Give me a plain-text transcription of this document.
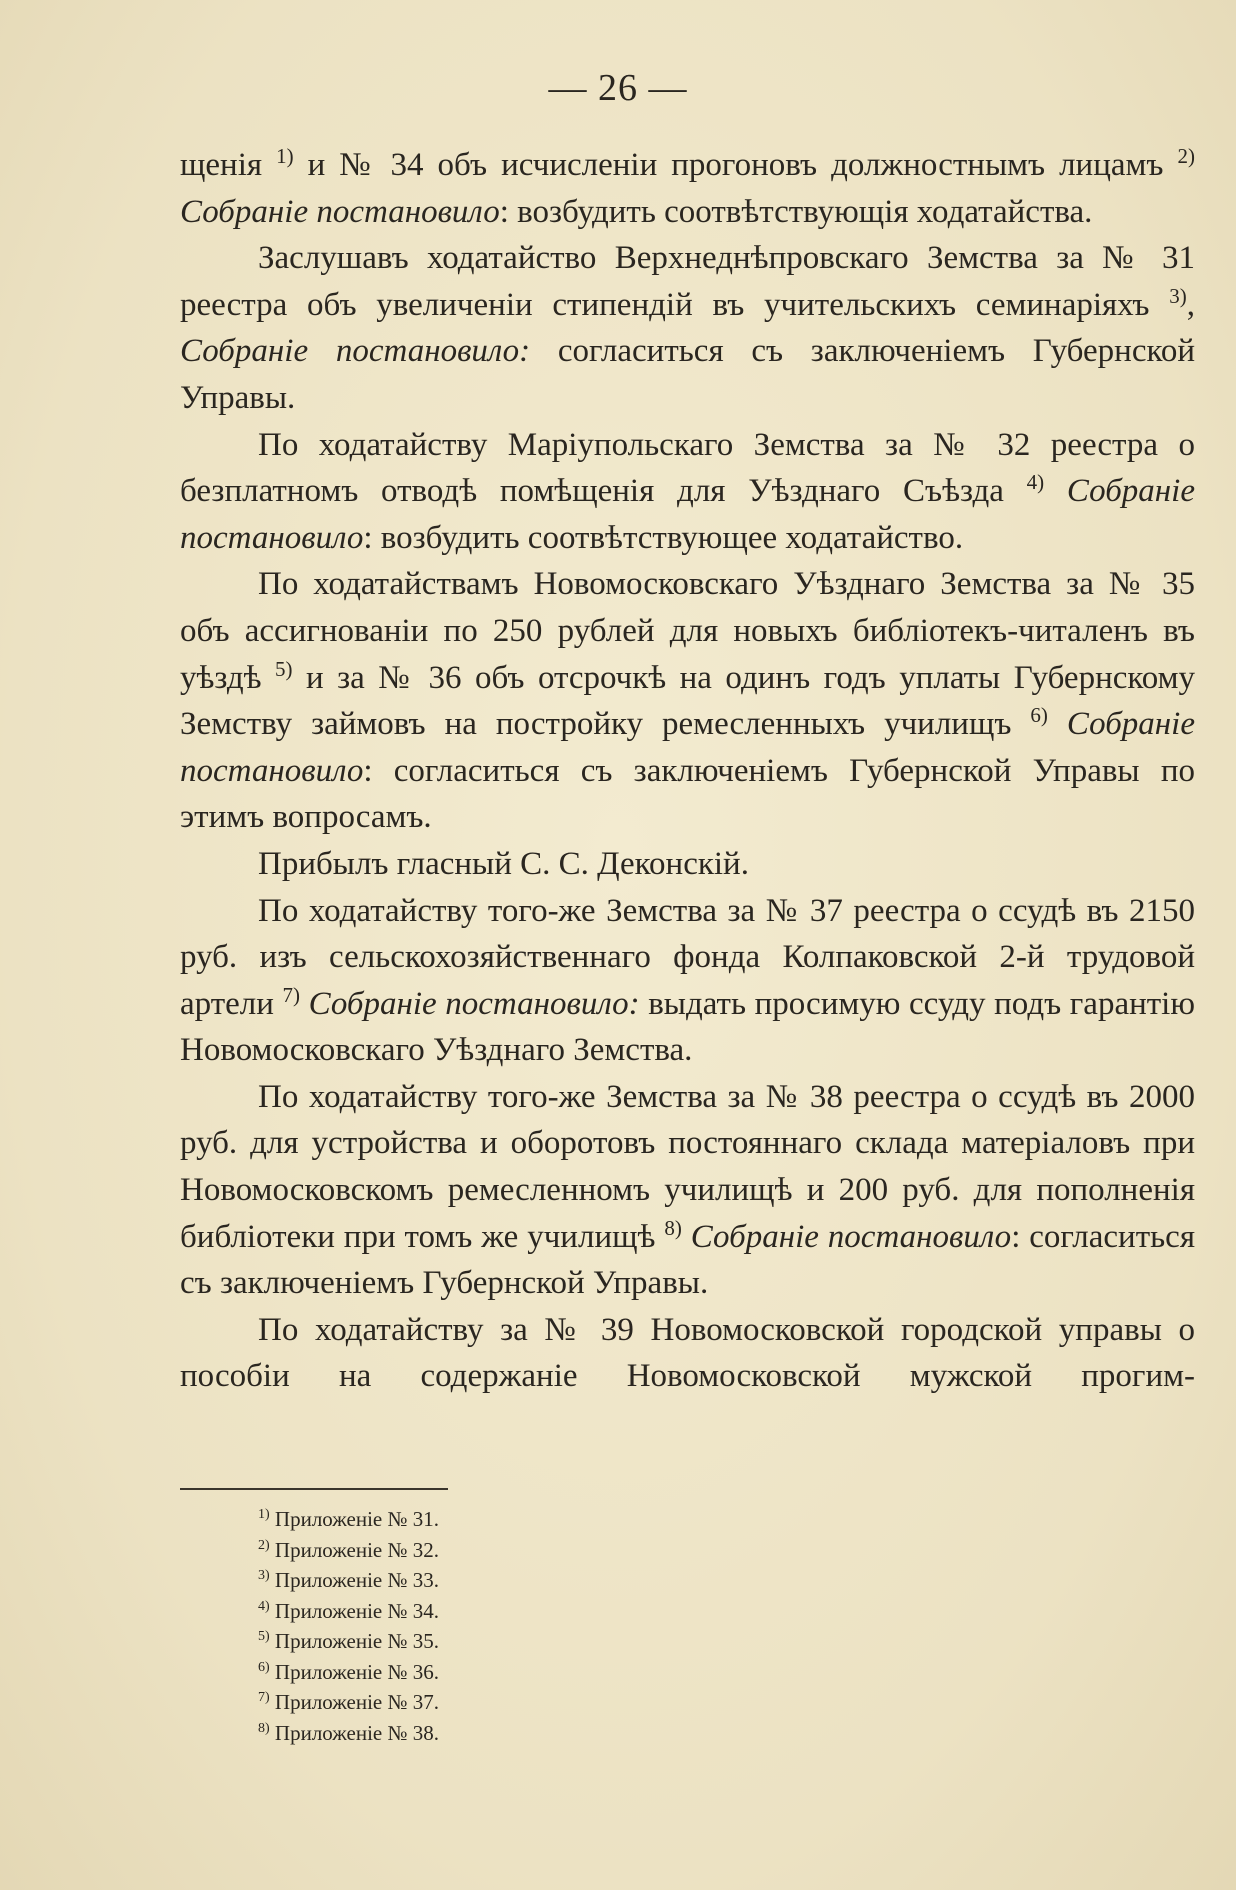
— 26 —

щенія $^{1)}$ и № 34 объ исчисленіи прогоновъ должностнымъ лицамъ $^{2)}$ Собраніе постановило: возбудить соотвѣтствующія ходатайства.

Заслушавъ ходатайство Верхнеднѣпровскаго Земства за № 31 реестра объ увеличеніи стипендій въ учительскихъ семинаріяхъ $^{3)}$, Собраніе постановило: согласиться съ заключеніемъ Губернской Управы.

По ходатайству Маріупольскаго Земства за № 32 реестра о безплатномъ отводѣ помѣщенія для Уѣзднаго Съѣзда $^{4)}$ Собраніе постановило: возбудить соотвѣтствующее ходатайство.

По ходатайствамъ Новомосковскаго Уѣзднаго Земства за № 35 объ ассигнованіи по 250 рублей для новыхъ библіотекъ-читаленъ въ уѣздѣ $^{5)}$ и за № 36 объ отсрочкѣ на одинъ годъ уплаты Губернскому Земству займовъ на постройку ремесленныхъ училищъ $^{6)}$ Собраніе постановило: согласиться съ заключеніемъ Губернской Управы по этимъ вопросамъ.

Прибылъ гласный С. С. Деконскій.

По ходатайству того-же Земства за № 37 реестра о ссудѣ въ 2150 руб. изъ сельскохозяйственнаго фонда Колпаковской 2-й трудовой артели $^{7)}$ Собраніе постановило: выдать просимую ссуду подъ гарантію Новомосковскаго Уѣзднаго Земства.

По ходатайству того-же Земства за № 38 реестра о ссудѣ въ 2000 руб. для устройства и оборотовъ постояннаго склада матеріаловъ при Новомосковскомъ ремесленномъ училищѣ и 200 руб. для пополненія библіотеки при томъ же училищѣ $^{8)}$ Собраніе постановило: согласиться съ заключеніемъ Губернской Управы.

По ходатайству за № 39 Новомосковской городской управы о пособіи на содержаніе Новомосковской мужской прогим-

$^{1)}$ Приложеніе № 31.
$^{2)}$ Приложеніе № 32.
$^{3)}$ Приложеніе № 33.
$^{4)}$ Приложеніе № 34.
$^{5)}$ Приложеніе № 35.
$^{6)}$ Приложеніе № 36.
$^{7)}$ Приложеніе № 37.
$^{8)}$ Приложеніе № 38.
